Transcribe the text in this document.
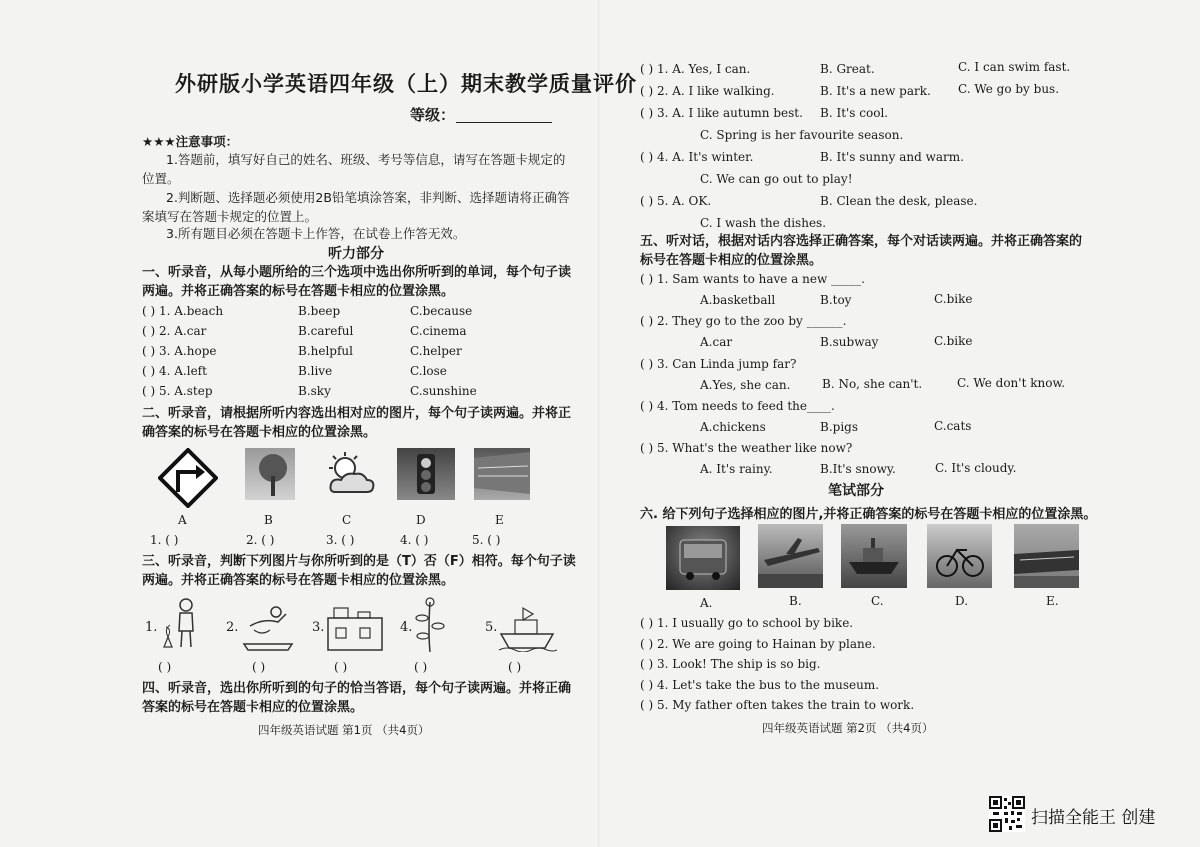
外研版小学英语四年级（上）期末教学质量评价
等级：
★★★注意事项：
1.答题前，填写好自己的姓名、班级、考号等信息，请写在答题卡规定的位置。
2.判断题、选择题必须使用2B铅笔填涂答案，非判断、选择题请将正确答案填写在答题卡规定的位置上。
3.所有题目必须在答题卡上作答，在试卷上作答无效。
听力部分
一、听录音，从每小题所给的三个选项中选出你所听到的单词，每个句子读两遍。并将正确答案的标号在答题卡相应的位置涂黑。
( ) 1. A.beach	B.beep	C.because
( ) 2. A.car	B.careful	C.cinema
( ) 3. A.hope	B.helpful	C.helper
( ) 4. A.left	B.live	C.lose
( ) 5. A.step	B.sky	C.sunshine
二、听录音，请根据所听内容选出相对应的图片，每个句子读两遍。并将正确答案的标号在答题卡相应的位置涂黑。
A	B	C	D	E
1. ( )	2. ( )	3. ( )	4. ( )	5. ( )
三、听录音，判断下列图片与你所听到的是（T）否（F）相符。每个句子读两遍。并将正确答案的标号在答题卡相应的位置涂黑。
1.	2.	3.	4.	5.
( )	( )	( )	( )	( )
四、听录音，选出你所听到的句子的恰当答语，每个句子读两遍。并将正确答案的标号在答题卡相应的位置涂黑。
四年级英语试题 第1页 （共4页）
( ) 1. A. Yes, I can.	B. Great.	C. I can swim fast.
( ) 2. A. I like walking.	B. It's a new park. C. We go by bus.
( ) 3. A. I like autumn best. B. It's cool.
C. Spring is her favourite season.
( ) 4. A. It's winter.	B. It's sunny and warm.
C. We can go out to play!
( ) 5. A. OK.	B. Clean the desk, please.
C. I wash the dishes.
五、听对话，根据对话内容选择正确答案，每个对话读两遍。并将正确答案的标号在答题卡相应的位置涂黑。
( ) 1. Sam wants to have a new _____.
A.basketball	B.toy	C.bike
( ) 2. They go to the zoo by ______.
A.car	B.subway	C.bike
( ) 3. Can Linda jump far?
A.Yes, she can.	B. No, she can't.	C. We don't know.
( ) 4. Tom needs to feed the____.
A.chickens	B.pigs	C.cats
( ) 5. What's the weather like now?
A. It's rainy.	B.It's snowy.	C. It's cloudy.
笔试部分
六. 给下列句子选择相应的图片,并将正确答案的标号在答题卡相应的位置涂黑。
A.	B.	C.	D.	E.
( ) 1. I usually go to school by bike.
( ) 2. We are going to Hainan by plane.
( ) 3. Look! The ship is so big.
( ) 4. Let's take the bus to the museum.
( ) 5. My father often takes the train to work.
四年级英语试题 第2页 （共4页）
扫描全能王 创建
